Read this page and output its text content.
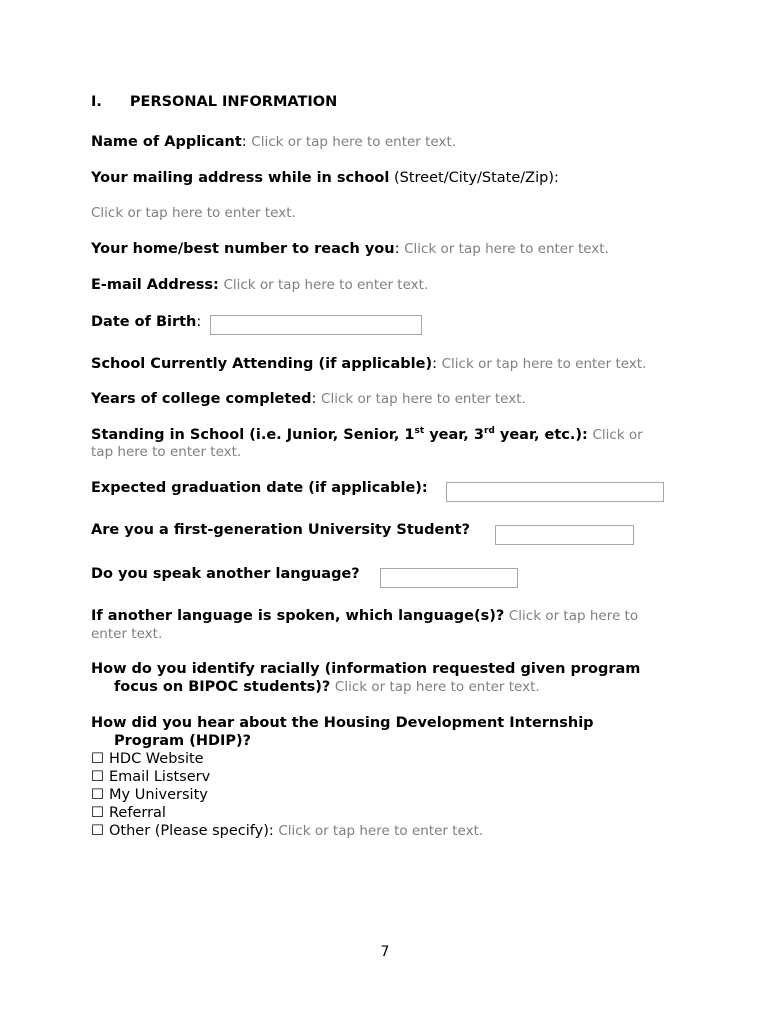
I. PERSONAL INFORMATION
Name of Applicant: Click or tap here to enter text.
Your mailing address while in school (Street/City/State/Zip):
Click or tap here to enter text.
Your home/best number to reach you: Click or tap here to enter text.
E-mail Address: Click or tap here to enter text.
Date of Birth:
School Currently Attending (if applicable): Click or tap here to enter text.
Years of college completed: Click or tap here to enter text.
Standing in School (i.e. Junior, Senior, 1st year, 3rd year, etc.): Click or
tap here to enter text.
Expected graduation date (if applicable):
Are you a first-generation University Student?
Do you speak another language?
If another language is spoken, which language(s)? Click or tap here to
enter text.
How do you identify racially (information requested given program
focus on BIPOC students)? Click or tap here to enter text.
How did you hear about the Housing Development Internship
Program (HDIP)?
☐ HDC Website
☐ Email Listserv
☐ My University
☐ Referral
☐ Other (Please specify): Click or tap here to enter text.
7
